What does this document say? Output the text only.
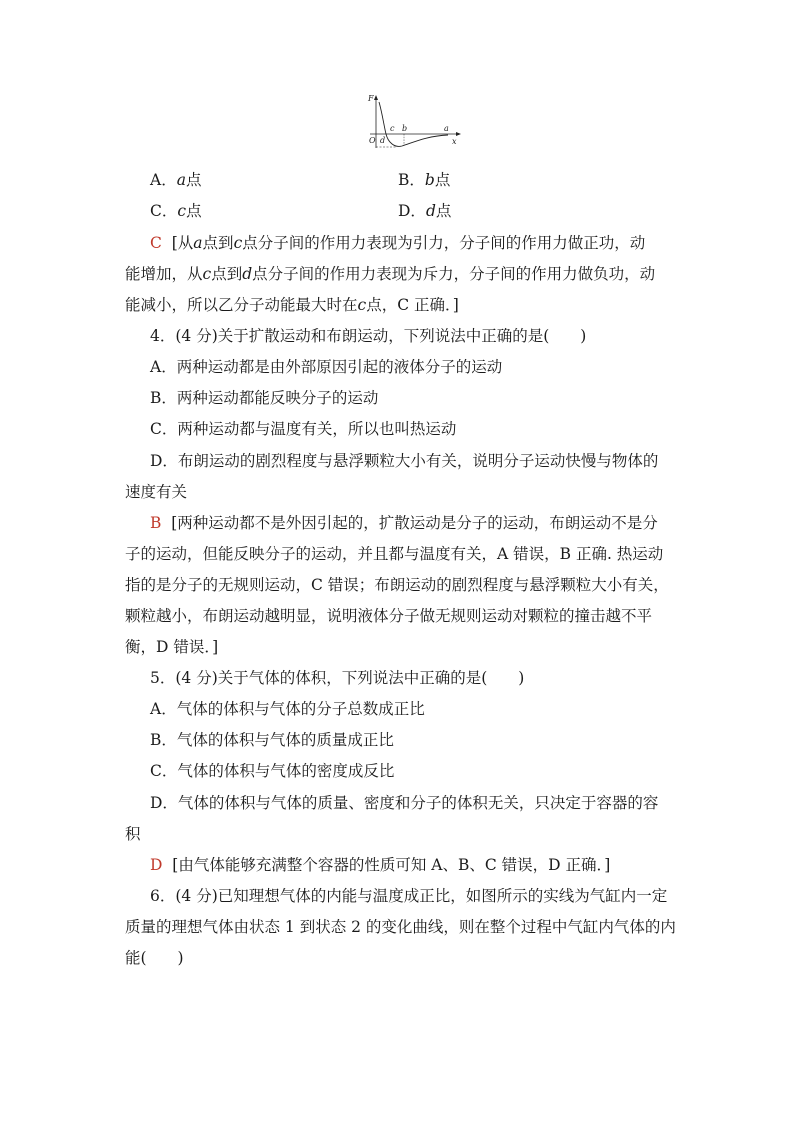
F
x
O
c b	a
d
A．a点	B．b点
C．c点	D．d点
C [从a点到c点分子间的作用力表现为引力，分子间的作用力做正功，动
能增加，从c点到d点分子间的作用力表现为斥力，分子间的作用力做负功，动
能减小，所以乙分子动能最大时在c点，C 正确．]
4．(4 分)关于扩散运动和布朗运动，下列说法中正确的是(　　)
A．两种运动都是由外部原因引起的液体分子的运动
B．两种运动都能反映分子的运动
C．两种运动都与温度有关，所以也叫热运动
D．布朗运动的剧烈程度与悬浮颗粒大小有关，说明分子运动快慢与物体的
速度有关
B [两种运动都不是外因引起的，扩散运动是分子的运动，布朗运动不是分
子的运动，但能反映分子的运动，并且都与温度有关，A 错误，B 正确. 热运动
指的是分子的无规则运动，C 错误；布朗运动的剧烈程度与悬浮颗粒大小有关，
颗粒越小，布朗运动越明显，说明液体分子做无规则运动对颗粒的撞击越不平
衡，D 错误．]
5．(4 分)关于气体的体积，下列说法中正确的是(　　)
A．气体的体积与气体的分子总数成正比
B．气体的体积与气体的质量成正比
C．气体的体积与气体的密度成反比
D．气体的体积与气体的质量、密度和分子的体积无关，只决定于容器的容
积
D [由气体能够充满整个容器的性质可知 A、B、C 错误，D 正确．]
6．(4 分)已知理想气体的内能与温度成正比，如图所示的实线为气缸内一定
质量的理想气体由状态 1 到状态 2 的变化曲线，则在整个过程中气缸内气体的内
能(　　)
